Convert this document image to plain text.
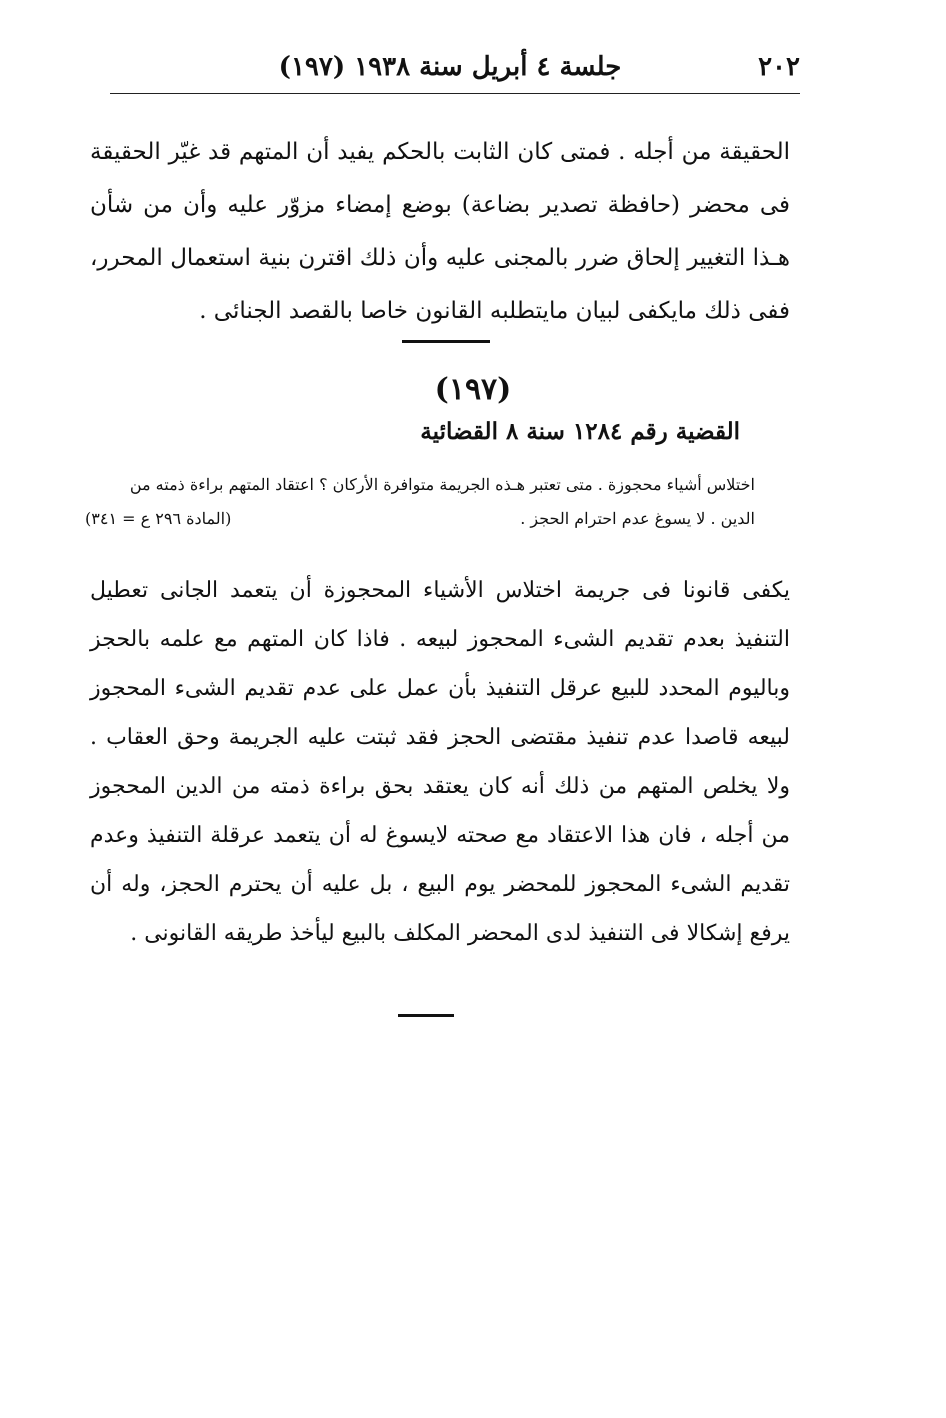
٢٠٢
جلسة ٤ أبريل سنة ١٩٣٨ (١٩٧)

الحقيقة من أجله . فمتى كان الثابت بالحكم يفيد أن المتهم قد غيّر الحقيقة فى محضر (حافظة تصدير بضاعة) بوضع إمضاء مزوّر عليه وأن من شأن هـذا التغيير إلحاق ضرر بالمجنى عليه وأن ذلك اقترن بنية استعمال المحرر، ففى ذلك مايكفى لبيان مايتطلبه القانون خاصا بالقصد الجنائى .

(١٩٧)
القضية رقم ١٢٨٤ سنة ٨ القضائية
اختلاس أشياء محجوزة . متى تعتبر هـذه الجريمة متوافرة الأركان ؟ اعتقاد المتهم براءة ذمته من
الدين . لا يسوغ عدم احترام الحجز .
(المادة ٢٩٦ ع = ٣٤١)

يكفى قانونا فى جريمة اختلاس الأشياء المحجوزة أن يتعمد الجانى تعطيل التنفيذ بعدم تقديم الشىء المحجوز لبيعه . فاذا كان المتهم مع علمه بالحجز وباليوم المحدد للبيع عرقل التنفيذ بأن عمل على عدم تقديم الشىء المحجوز لبيعه قاصدا عدم تنفيذ مقتضى الحجز فقد ثبتت عليه الجريمة وحق العقاب . ولا يخلص المتهم من ذلك أنه كان يعتقد بحق براءة ذمته من الدين المحجوز من أجله ، فان هذا الاعتقاد مع صحته لايسوغ له أن يتعمد عرقلة التنفيذ وعدم تقديم الشىء المحجوز للمحضر يوم البيع ، بل عليه أن يحترم الحجز، وله أن يرفع إشكالا فى التنفيذ لدى المحضر المكلف بالبيع ليأخذ طريقه القانونى .
